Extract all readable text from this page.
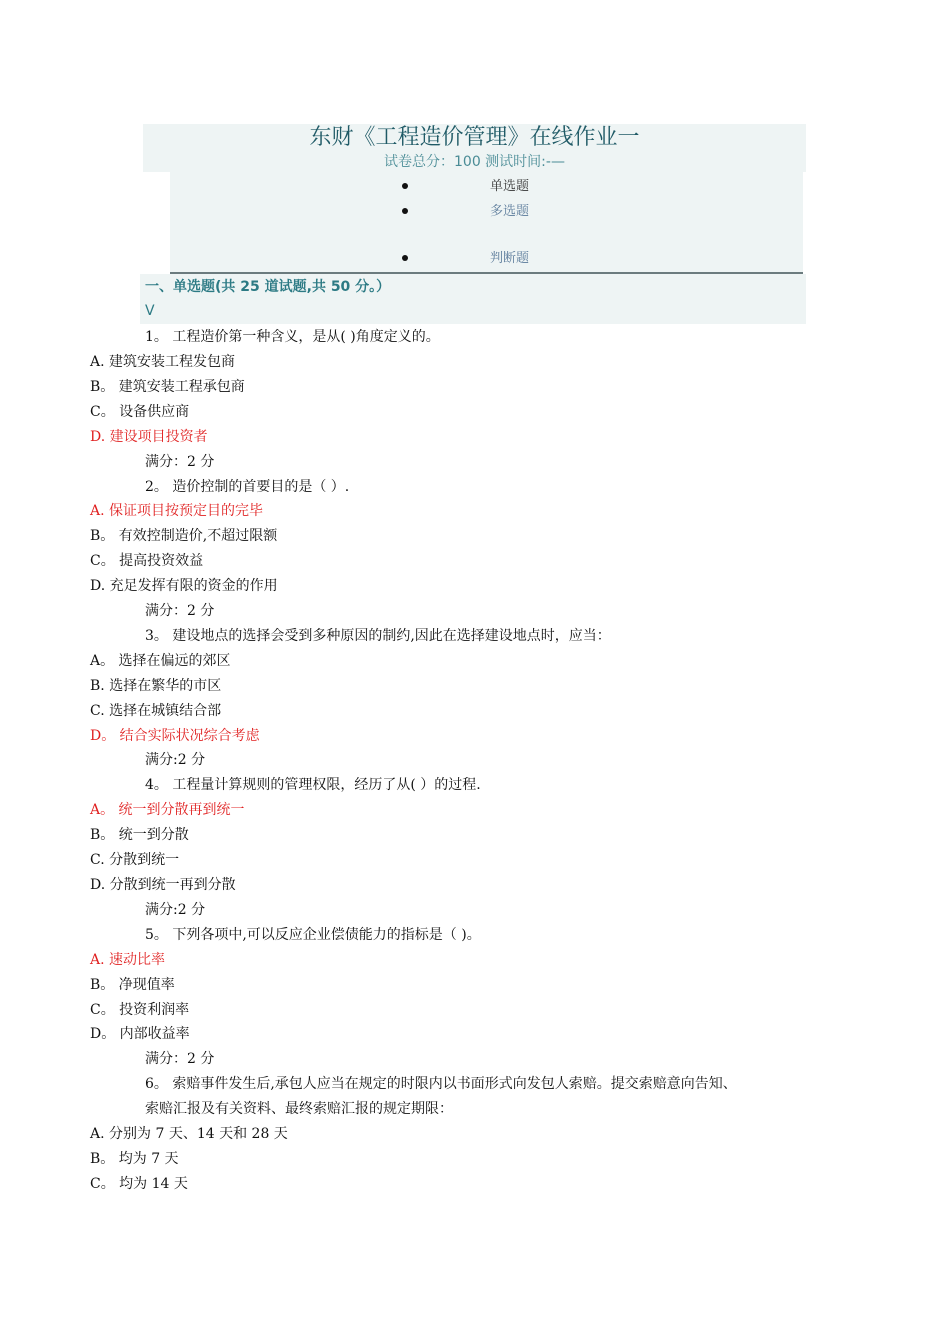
东财《工程造价管理》在线作业一
试卷总分：100 测试时间:-—
单选题
多选题
判断题
一、单选题(共 25 道试题,共 50 分。）
V
1。 工程造价第一种含义，是从( )角度定义的。
A. 建筑安装工程发包商
B。 建筑安装工程承包商
C。 设备供应商
D. 建设项目投资者
满分：2 分
2。 造价控制的首要目的是（ ）.
A. 保证项目按预定目的完毕
B。 有效控制造价,不超过限额
C。 提高投资效益
D. 充足发挥有限的资金的作用
满分：2 分
3。 建设地点的选择会受到多种原因的制约,因此在选择建设地点时，应当：
A。 选择在偏远的郊区
B. 选择在繁华的市区
C. 选择在城镇结合部
D。 结合实际状况综合考虑
满分:2 分
4。 工程量计算规则的管理权限，经历了从( ）的过程.
A。 统一到分散再到统一
B。 统一到分散
C. 分散到统一
D. 分散到统一再到分散
满分:2 分
5。 下列各项中,可以反应企业偿债能力的指标是（ )。
A. 速动比率
B。 净现值率
C。 投资利润率
D。 内部收益率
满分：2 分
6。 索赔事件发生后,承包人应当在规定的时限内以书面形式向发包人索赔。提交索赔意向告知、
索赔汇报及有关资料、最终索赔汇报的规定期限：
A. 分别为 7 天、14 天和 28 天
B。 均为 7 天
C。 均为 14 天
